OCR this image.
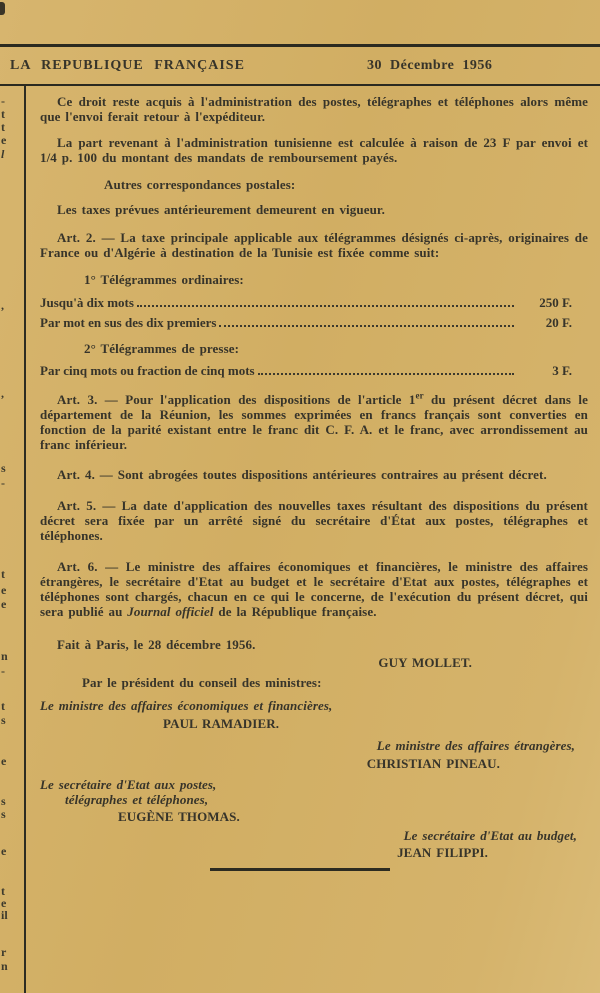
LA REPUBLIQUE FRANÇAISE	30 Décembre 1956
-
t
t
e
l
,
,
s
-
t
e
e
n
-
t
s
e
s
s
e
t
e
il
r
n

Ce droit reste acquis à l'administration des postes, télégraphes et téléphones alors même que l'envoi ferait retour à l'expéditeur.

La part revenant à l'administration tunisienne est calculée à raison de 23 F par envoi et 1/4 p. 100 du montant des mandats de remboursement payés.

Autres correspondances postales:

Les taxes prévues antérieurement demeurent en vigueur.

Art. 2. — La taxe principale applicable aux télégrammes désignés ci-après, originaires de France ou d'Algérie à destination de la Tunisie est fixée comme suit:

1° Télégrammes ordinaires:

Jusqu'à dix mots	250 F.
Par mot en sus des dix premiers	20 F.

2° Télégrammes de presse:

Par cinq mots ou fraction de cinq mots	3 F.

Art. 3. — Pour l'application des dispositions de l'article 1er du présent décret dans le département de la Réunion, les sommes exprimées en francs français sont converties en fonction de la parité existant entre le franc dit C. F. A. et le franc, avec arrondissement au franc inférieur.

Art. 4. — Sont abrogées toutes dispositions antérieures contraires au présent décret.

Art. 5. — La date d'application des nouvelles taxes résultant des dispositions du présent décret sera fixée par un arrêté signé du secrétaire d'État aux postes, télégraphes et téléphones.

Art. 6. — Le ministre des affaires économiques et financières, le ministre des affaires étrangères, le secrétaire d'Etat au budget et le secrétaire d'Etat aux postes, télégraphes et téléphones sont chargés, chacun en ce qui le concerne, de l'exécution du présent décret, qui sera publié au Journal officiel de la République française.

Fait à Paris, le 28 décembre 1956.

GUY MOLLET.

Par le président du conseil des ministres:

Le ministre des affaires économiques et financières,

PAUL RAMADIER.

Le ministre des affaires étrangères,

CHRISTIAN PINEAU.

Le secrétaire d'Etat aux postes,

télégraphes et téléphones,

EUGÈNE THOMAS.

Le secrétaire d'Etat au budget,

JEAN FILIPPI.
